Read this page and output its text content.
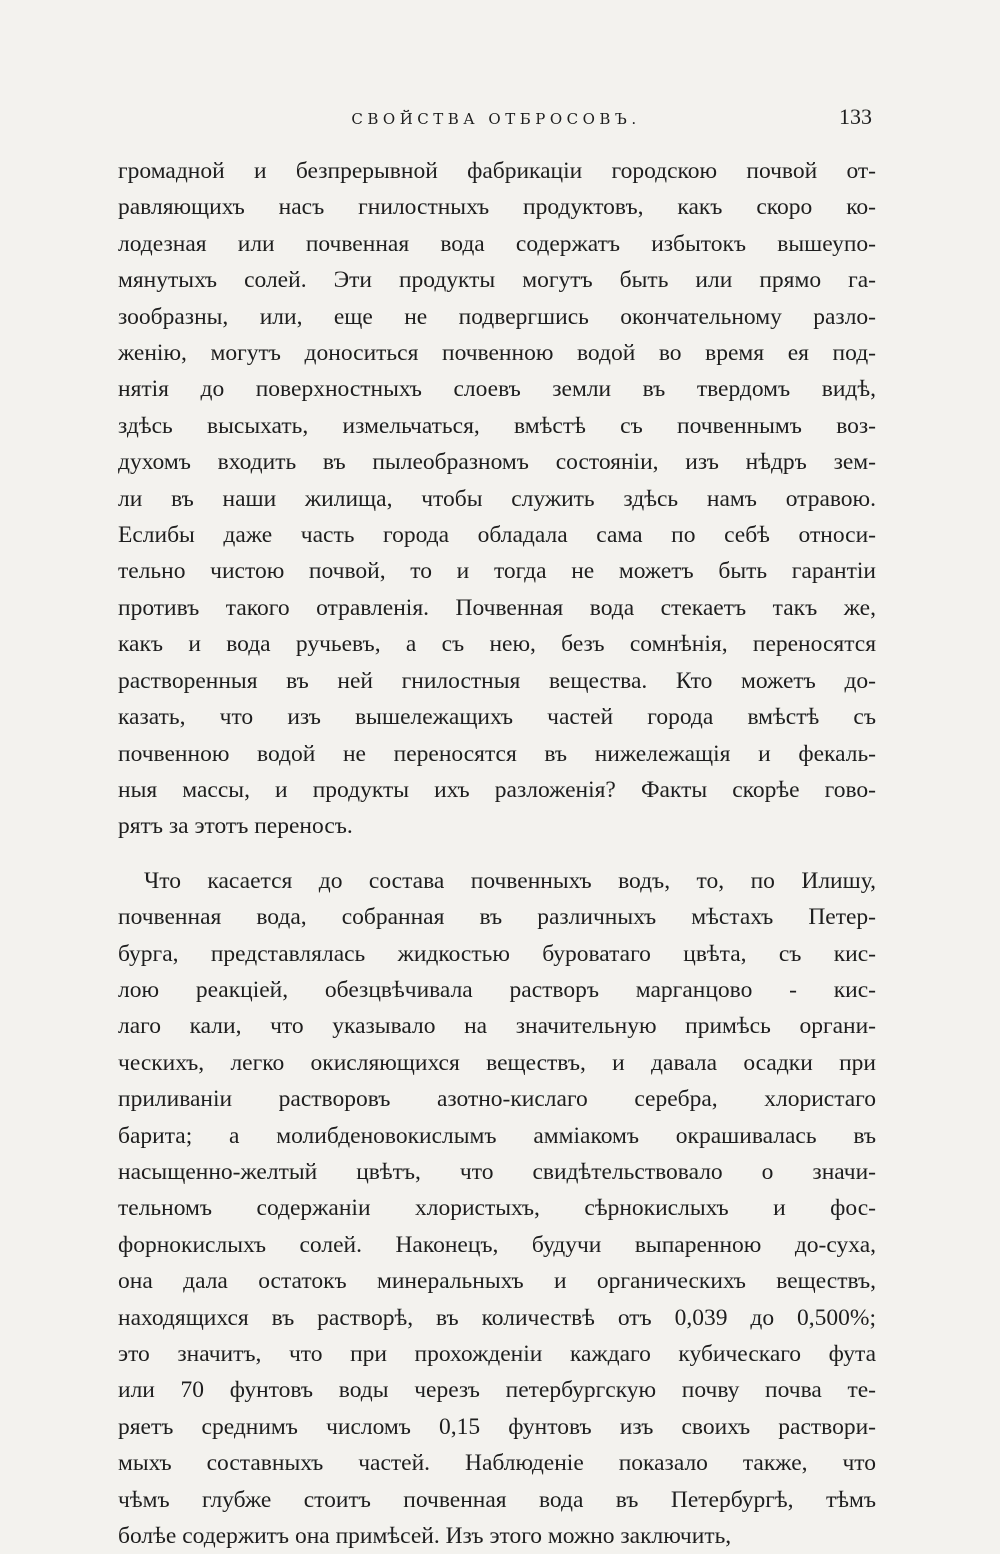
СВОЙСТВА ОТБРОСОВЪ.	133
громадной и безпрерывной фабрикаціи городскою почвой от-
равляющихъ насъ гнилостныхъ продуктовъ, какъ скоро ко-
лодезная или почвенная вода содержатъ избытокъ вышеупо-
мянутыхъ солей. Эти продукты могутъ быть или прямо га-
зообразны, или, еще не подвергшись окончательному разло-
женію, могутъ доноситься почвенною водой во время ея под-
нятія до поверхностныхъ слоевъ земли въ твердомъ видѣ,
здѣсь высыхать, измельчаться, вмѣстѣ съ почвеннымъ воз-
духомъ входить въ пылеобразномъ состояніи, изъ нѣдръ зем-
ли въ наши жилища, чтобы служить здѣсь намъ отравою.
Еслибы даже часть города обладала сама по себѣ относи-
тельно чистою почвой, то и тогда не можетъ быть гарантіи
противъ такого отравленія. Почвенная вода стекаетъ такъ же,
какъ и вода ручьевъ, а съ нею, безъ сомнѣнія, переносятся
растворенныя въ ней гнилостныя вещества. Кто можетъ до-
казать, что изъ вышележащихъ частей города вмѣстѣ съ
почвенною водой не переносятся въ нижележащія и фекаль-
ныя массы, и продукты ихъ разложенія? Факты скорѣе гово-
рятъ за этотъ переносъ.
Что касается до состава почвенныхъ водъ, то, по Илишу,
почвенная вода, собранная въ различныхъ мѣстахъ Петер-
бурга, представлялась жидкостью буроватаго цвѣта, съ кис-
лою реакціей, обезцвѣчивала растворъ марганцово - кис-
лаго кали, что указывало на значительную примѣсь органи-
ческихъ, легко окисляющихся веществъ, и давала осадки при
приливаніи растворовъ азотно-кислаго серебра, хлористаго
барита; а молибденовокислымъ амміакомъ окрашивалась въ
насыщенно-желтый цвѣтъ, что свидѣтельствовало о значи-
тельномъ содержаніи хлористыхъ, сѣрнокислыхъ и фос-
форнокислыхъ солей. Наконецъ, будучи выпаренною до-суха,
она дала остатокъ минеральныхъ и органическихъ веществъ,
находящихся въ растворѣ, въ количествѣ отъ 0,039 до 0,500%;
это значитъ, что при прохожденіи каждаго кубическаго фута
или 70 фунтовъ воды черезъ петербургскую почву почва те-
ряетъ среднимъ числомъ 0,15 фунтовъ изъ своихъ раствори-
мыхъ составныхъ частей. Наблюденіе показало также, что
чѣмъ глубже стоитъ почвенная вода въ Петербургѣ, тѣмъ
болѣе содержитъ она примѣсей. Изъ этого можно заключить,
